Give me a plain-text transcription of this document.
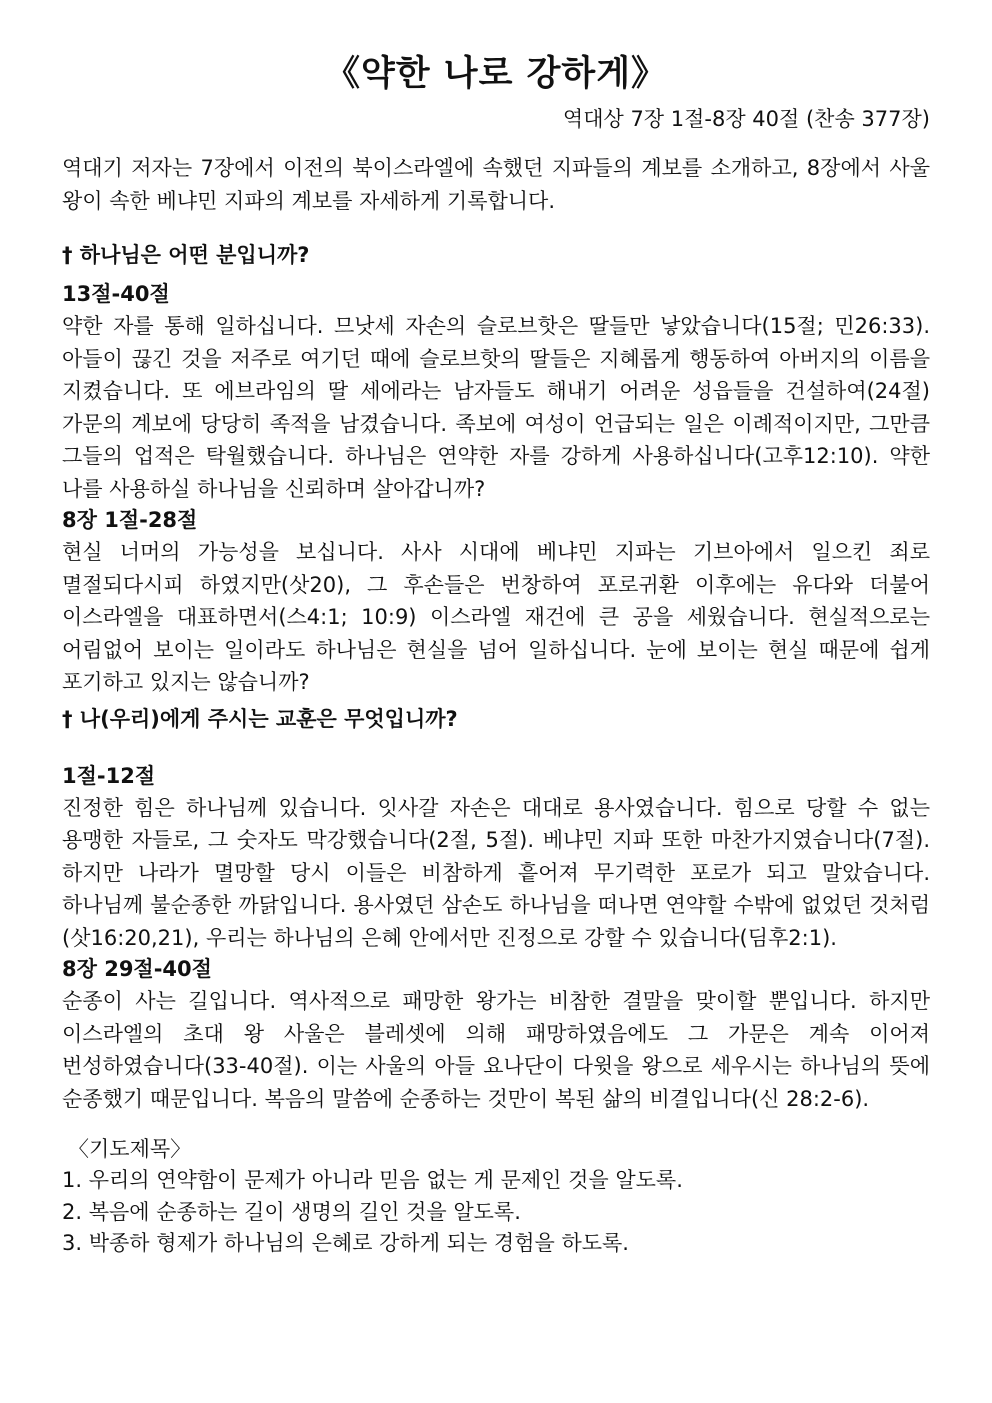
《약한 나로 강하게》
역대상 7장 1절-8장 40절 (찬송 377장)

역대기 저자는 7장에서 이전의 북이스라엘에 속했던 지파들의 계보를 소개하고, 8장에서 사울 왕이 속한 베냐민 지파의 계보를 자세하게 기록합니다.

† 하나님은 어떤 분입니까?
13절-40절

약한 자를 통해 일하십니다. 므낫세 자손의 슬로브핫은 딸들만 낳았습니다(15절; 민26:33). 아들이 끊긴 것을 저주로 여기던 때에 슬로브핫의 딸들은 지혜롭게 행동하여 아버지의 이름을 지켰습니다. 또 에브라임의 딸 세에라는 남자들도 해내기 어려운 성읍들을 건설하여(24절) 가문의 계보에 당당히 족적을 남겼습니다. 족보에 여성이 언급되는 일은 이례적이지만, 그만큼 그들의 업적은 탁월했습니다. 하나님은 연약한 자를 강하게 사용하십니다(고후12:10). 약한 나를 사용하실 하나님을 신뢰하며 살아갑니까?

8장 1절-28절

현실 너머의 가능성을 보십니다. 사사 시대에 베냐민 지파는 기브아에서 일으킨 죄로 멸절되다시피 하였지만(삿20), 그 후손들은 번창하여 포로귀환 이후에는 유다와 더불어 이스라엘을 대표하면서(스4:1; 10:9) 이스라엘 재건에 큰 공을 세웠습니다. 현실적으로는 어림없어 보이는 일이라도 하나님은 현실을 넘어 일하십니다. 눈에 보이는 현실 때문에 쉽게 포기하고 있지는 않습니까?

† 나(우리)에게 주시는 교훈은 무엇입니까?
1절-12절

진정한 힘은 하나님께 있습니다. 잇사갈 자손은 대대로 용사였습니다. 힘으로 당할 수 없는 용맹한 자들로, 그 숫자도 막강했습니다(2절, 5절). 베냐민 지파 또한 마찬가지였습니다(7절). 하지만 나라가 멸망할 당시 이들은 비참하게 흩어져 무기력한 포로가 되고 말았습니다. 하나님께 불순종한 까닭입니다. 용사였던 삼손도 하나님을 떠나면 연약할 수밖에 없었던 것처럼(삿16:20,21), 우리는 하나님의 은혜 안에서만 진정으로 강할 수 있습니다(딤후2:1).

8장 29절-40절

순종이 사는 길입니다. 역사적으로 패망한 왕가는 비참한 결말을 맞이할 뿐입니다. 하지만 이스라엘의 초대 왕 사울은 블레셋에 의해 패망하였음에도 그 가문은 계속 이어져 번성하였습니다(33-40절). 이는 사울의 아들 요나단이 다윗을 왕으로 세우시는 하나님의 뜻에 순종했기 때문입니다. 복음의 말씀에 순종하는 것만이 복된 삶의 비결입니다(신 28:2-6).

〈기도제목〉
1. 우리의 연약함이 문제가 아니라 믿음 없는 게 문제인 것을 알도록.
2. 복음에 순종하는 길이 생명의 길인 것을 알도록.
3. 박종하 형제가 하나님의 은혜로 강하게 되는 경험을 하도록.
